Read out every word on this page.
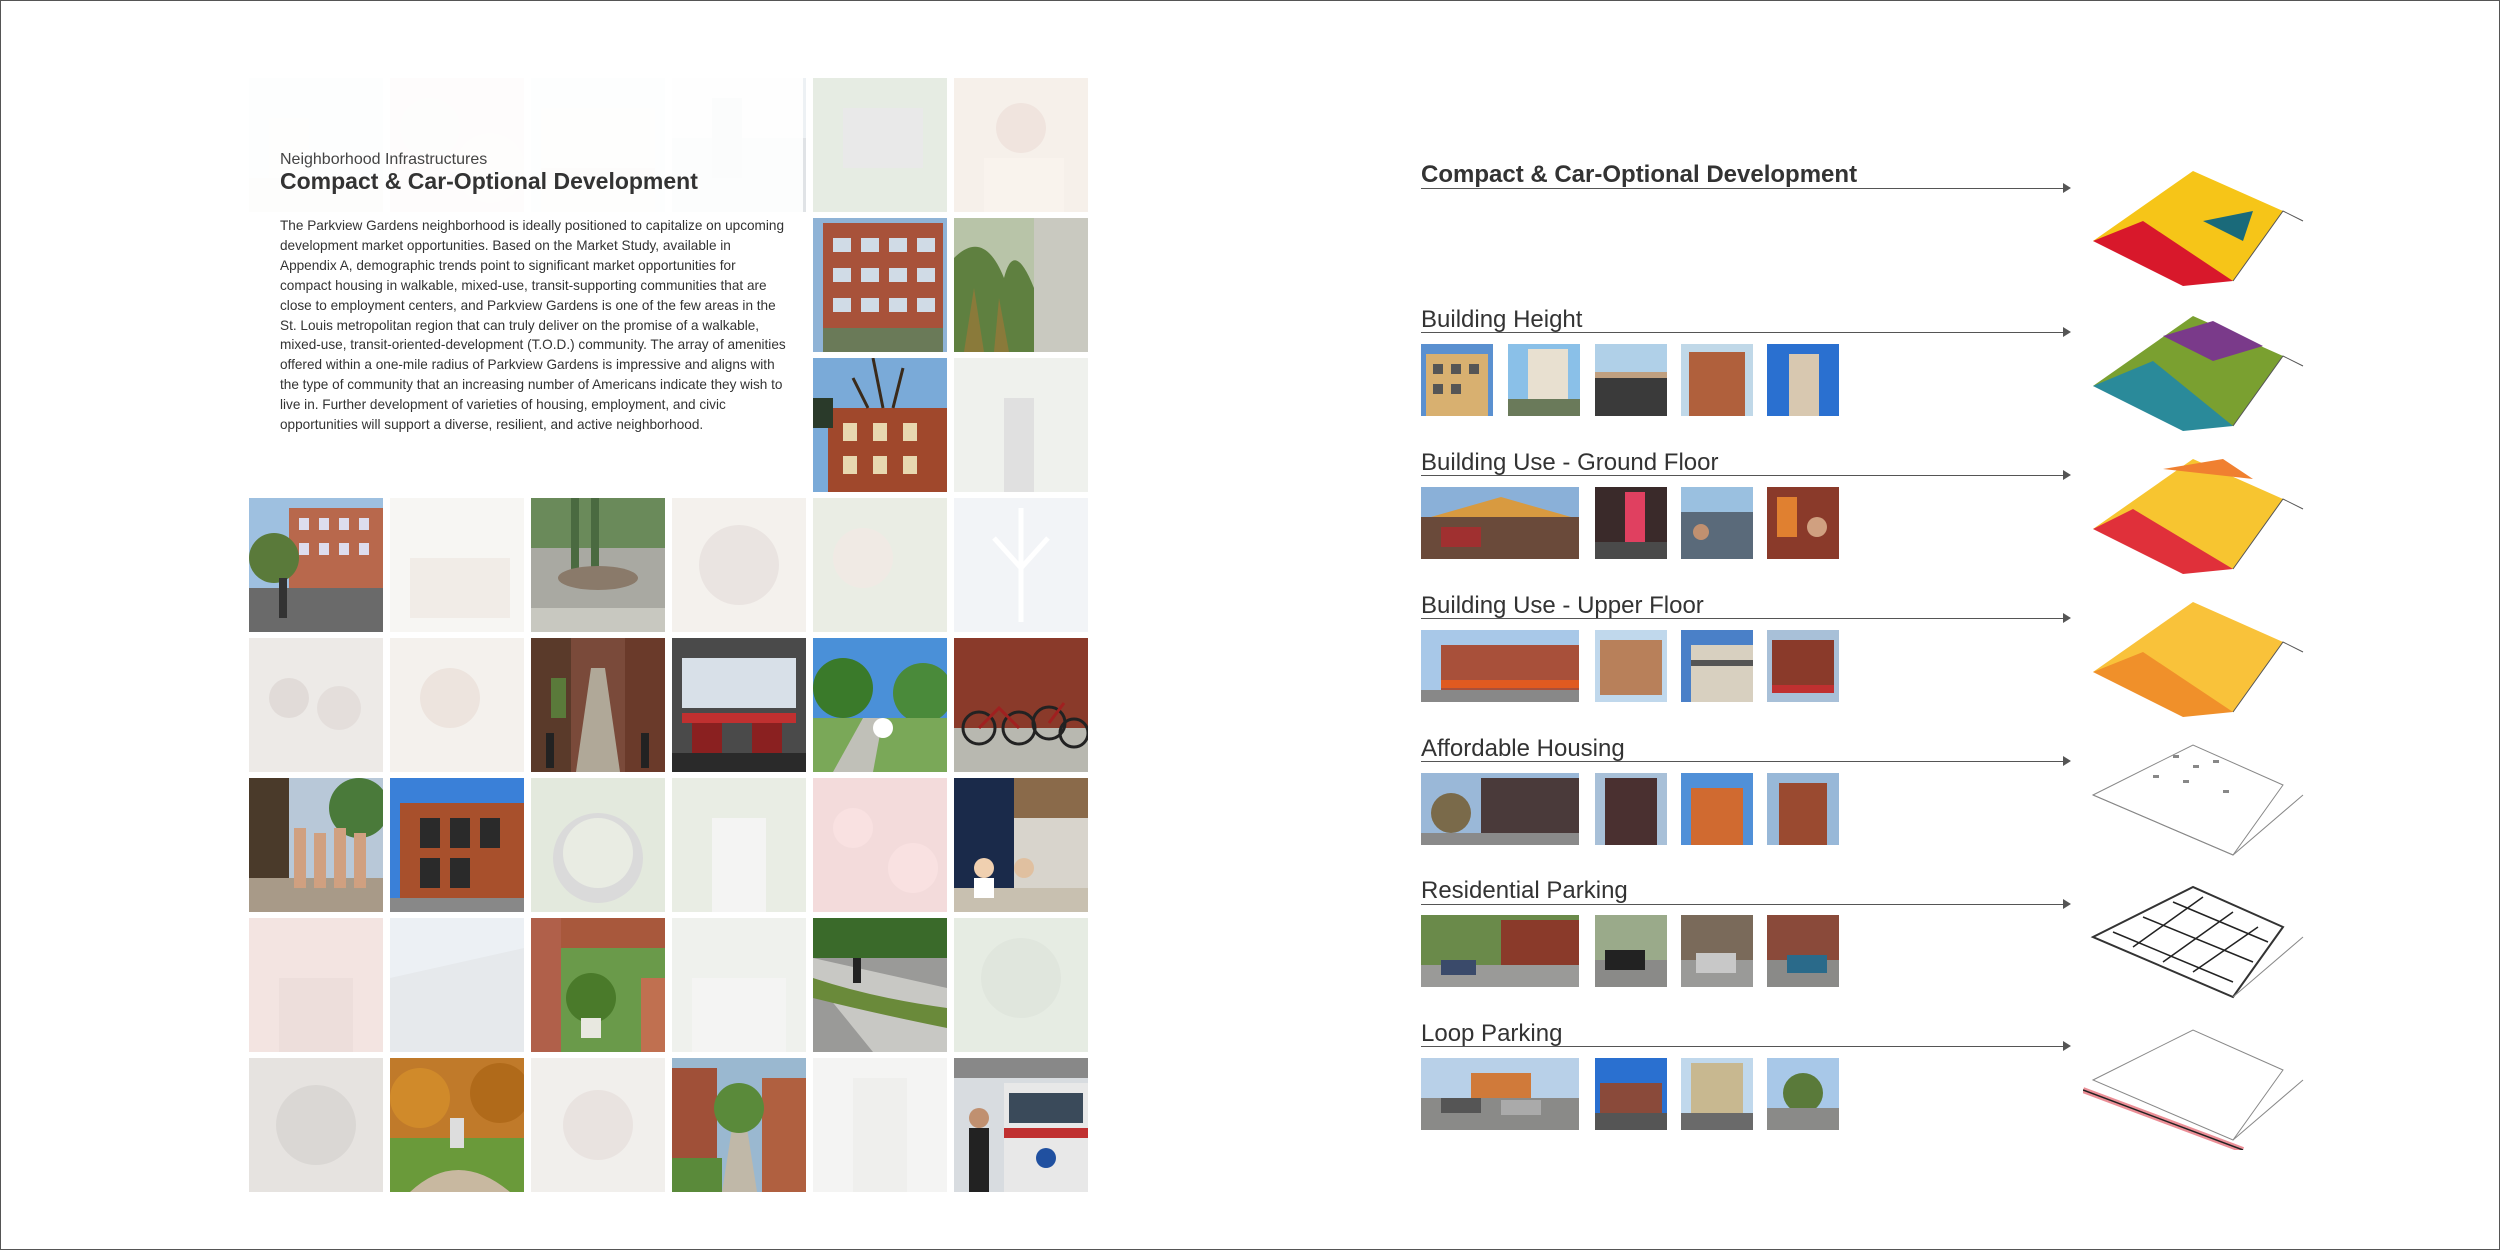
Neighborhood Infrastructures
Compact & Car-Optional Development
The Parkview Gardens neighborhood is ideally positioned to capitalize on upcoming development market opportunities. Based on the Market Study, available in Appendix A, demographic trends point to significant market opportunities for compact housing in walkable, mixed-use, transit-supporting communities that are close to employment centers, and Parkview Gardens is one of the few areas in the St. Louis metropolitan region that can truly deliver on the promise of a walkable, mixed-use, transit-oriented-development (T.O.D.) community. The array of amenities offered within a one-mile radius of Parkview Gardens is impressive and aligns with the type of community that an increasing number of Americans indicate they wish to live in. Further development of varieties of housing, employment, and civic opportunities will support a diverse, resilient, and active neighborhood.
Compact & Car-Optional Development
Building Height
Building Use - Ground Floor
Building Use - Upper Floor
Affordable Housing
Residential Parking
Loop Parking
